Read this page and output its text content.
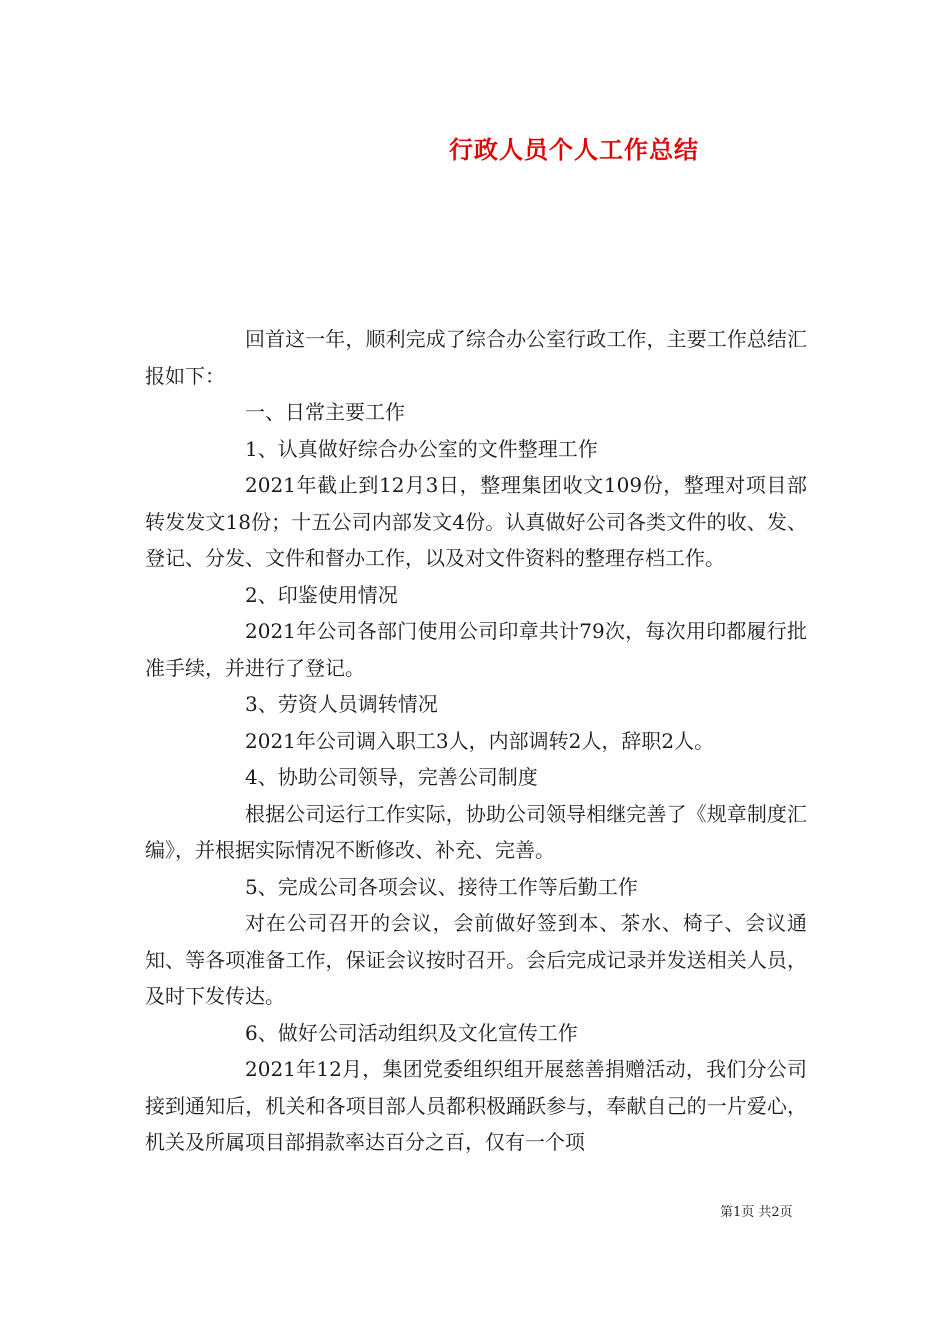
行政人员个人工作总结

回首这一年，顺利完成了综合办公室行政工作，主要工作总结汇报如下：

一、日常主要工作

1、认真做好综合办公室的文件整理工作

2021年截止到12月3日，整理集团收文109份，整理对项目部转发发文18份；十五公司内部发文4份。认真做好公司各类文件的收、发、登记、分发、文件和督办工作，以及对文件资料的整理存档工作。

2、印鉴使用情况

2021年公司各部门使用公司印章共计79次，每次用印都履行批准手续，并进行了登记。

3、劳资人员调转情况

2021年公司调入职工3人，内部调转2人，辞职2人。

4、协助公司领导，完善公司制度

根据公司运行工作实际，协助公司领导相继完善了《规章制度汇编》，并根据实际情况不断修改、补充、完善。

5、完成公司各项会议、接待工作等后勤工作

对在公司召开的会议，会前做好签到本、茶水、椅子、会议通知、等各项准备工作，保证会议按时召开。会后完成记录并发送相关人员，及时下发传达。

6、做好公司活动组织及文化宣传工作

2021年12月，集团党委组织组开展慈善捐赠活动，我们分公司接到通知后，机关和各项目部人员都积极踊跃参与，奉献自己的一片爱心，机关及所属项目部捐款率达百分之百，仅有一个项

第1页 共2页
